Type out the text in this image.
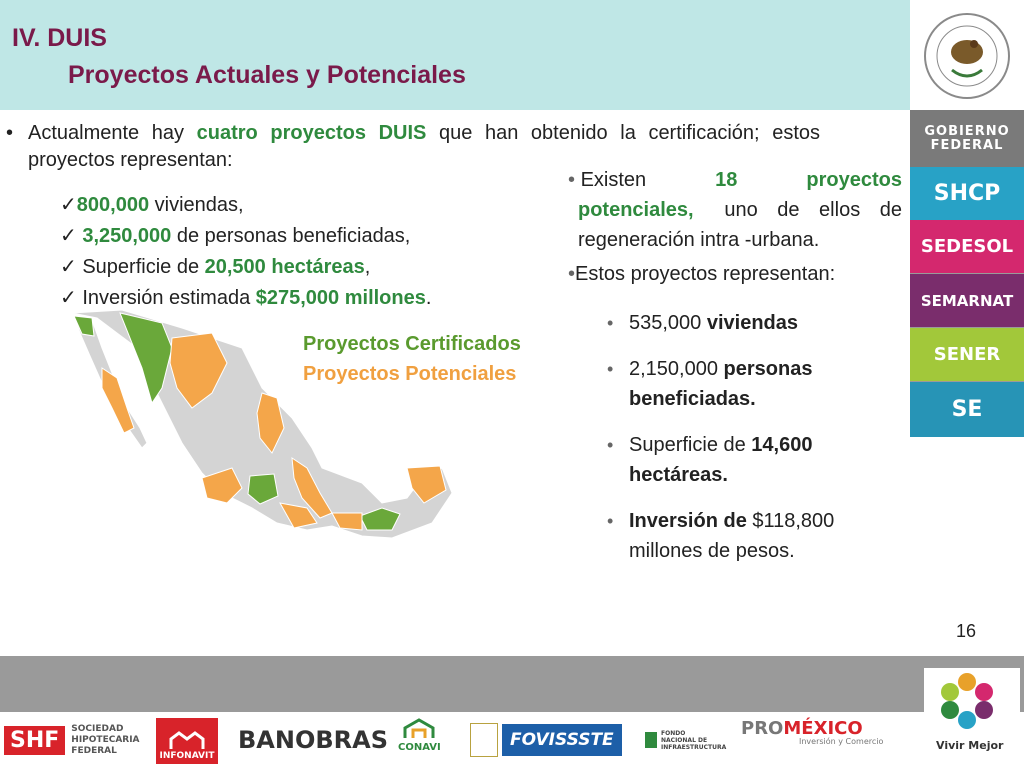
IV. DUIS
Proyectos Actuales y Potenciales
GOBIERNO
FEDERAL
SHCP
SEDESOL
SEMARNAT
SENER
SE
16
• Actualmente hay cuatro proyectos DUIS que han obtenido la certificación; estos proyectos representan:
✓800,000 viviendas,
✓ 3,250,000 de personas beneficiadas,
✓ Superficie de 20,500 hectáreas,
✓ Inversión estimada $275,000 millones.
Proyectos Certificados
Proyectos Potenciales
• Existen	18	proyectos
potenciales, uno de ellos de
regeneración intra -urbana.
•Estos proyectos representan:
• 535,000 viviendas
• 2,150,000 personas beneficiadas.
• Superficie de 14,600 hectáreas.
• Inversión de $118,800 millones de pesos.
SHF	SOCIEDAD
HIPOTECARIA
FEDERAL
INFONAVIT
BANOBRAS CONAVI	FOVISSSTE	FONDO
NACIONAL DE
INFRAESTRUCTURA
PROMÉXICO
Inversión y Comercio	Vivir Mejor
